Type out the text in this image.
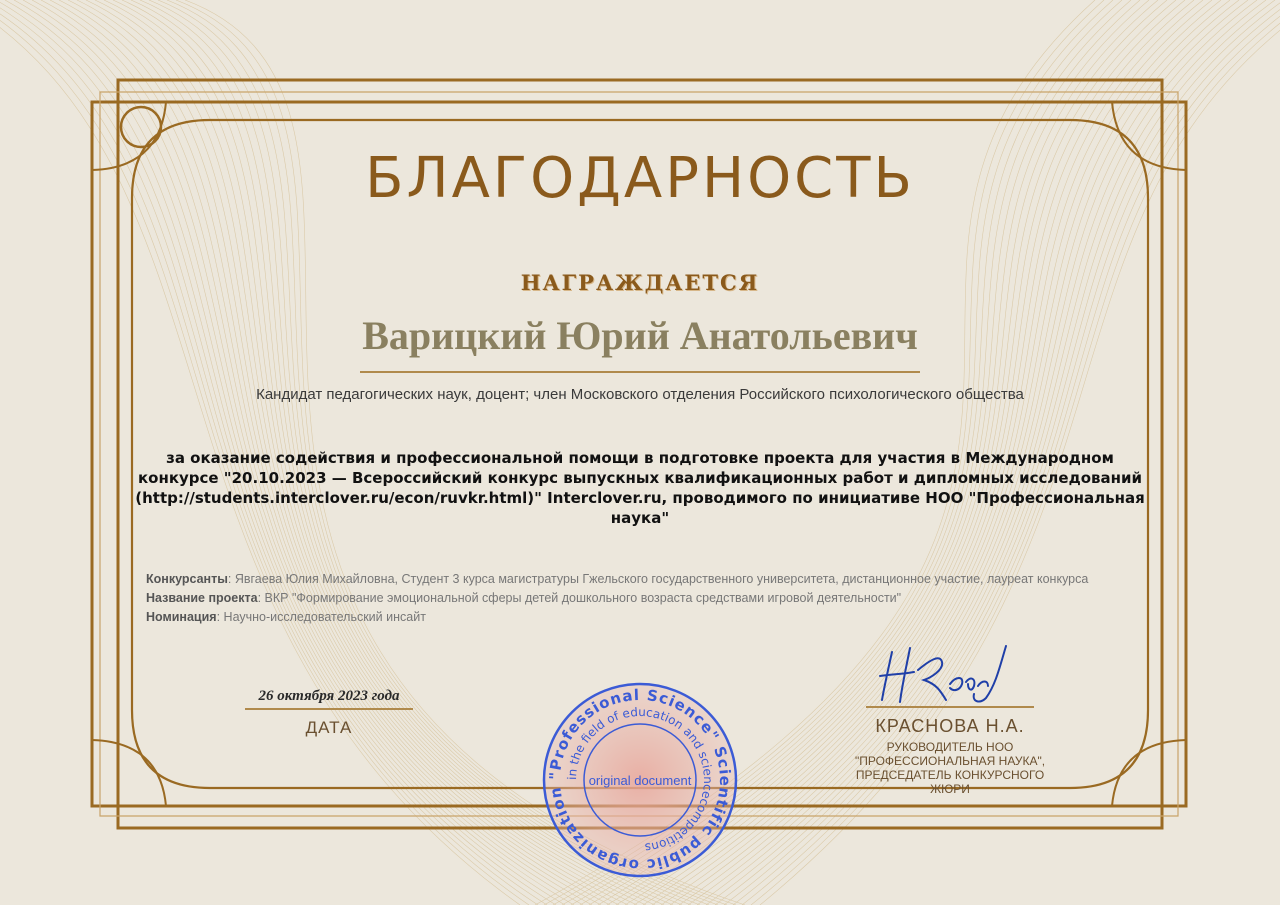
БЛАГОДАРНОСТЬ
НАГРАЖДАЕТСЯ
Варицкий Юрий Анатольевич
Кандидат педагогических наук, доцент; член Московского отделения Российского психологического общества
за оказание содействия и профессиональной помощи в подготовке проекта для участия в Международном конкурсе "20.10.2023 — Всероссийский конкурс выпускных квалификационных работ и дипломных исследований (http://students.interclover.ru/econ/ruvkr.html)" Interclover.ru, проводимого по инициативе НОО "Профессиональная наука"
Конкурсанты: Явгаева Юлия Михайловна, Студент 3 курса магистратуры Гжельского государственного университета, дистанционное участие, лауреат конкурса
Название проекта: ВКР "Формирование эмоциональной сферы детей дошкольного возраста средствами игровой деятельности"
Номинация: Научно-исследовательский инсайт
26 октября 2023 года
ДАТА	КРАСНОВА Н.А.
РУКОВОДИТЕЛЬ НОО "ПРОФЕССИОНАЛЬНАЯ НАУКА", ПРЕДСЕДАТЕЛЬ КОНКУРСНОГО ЖЮРИ
"Professional Science" Scientific public organization
in the field of education and sciencecompetitions
original document
